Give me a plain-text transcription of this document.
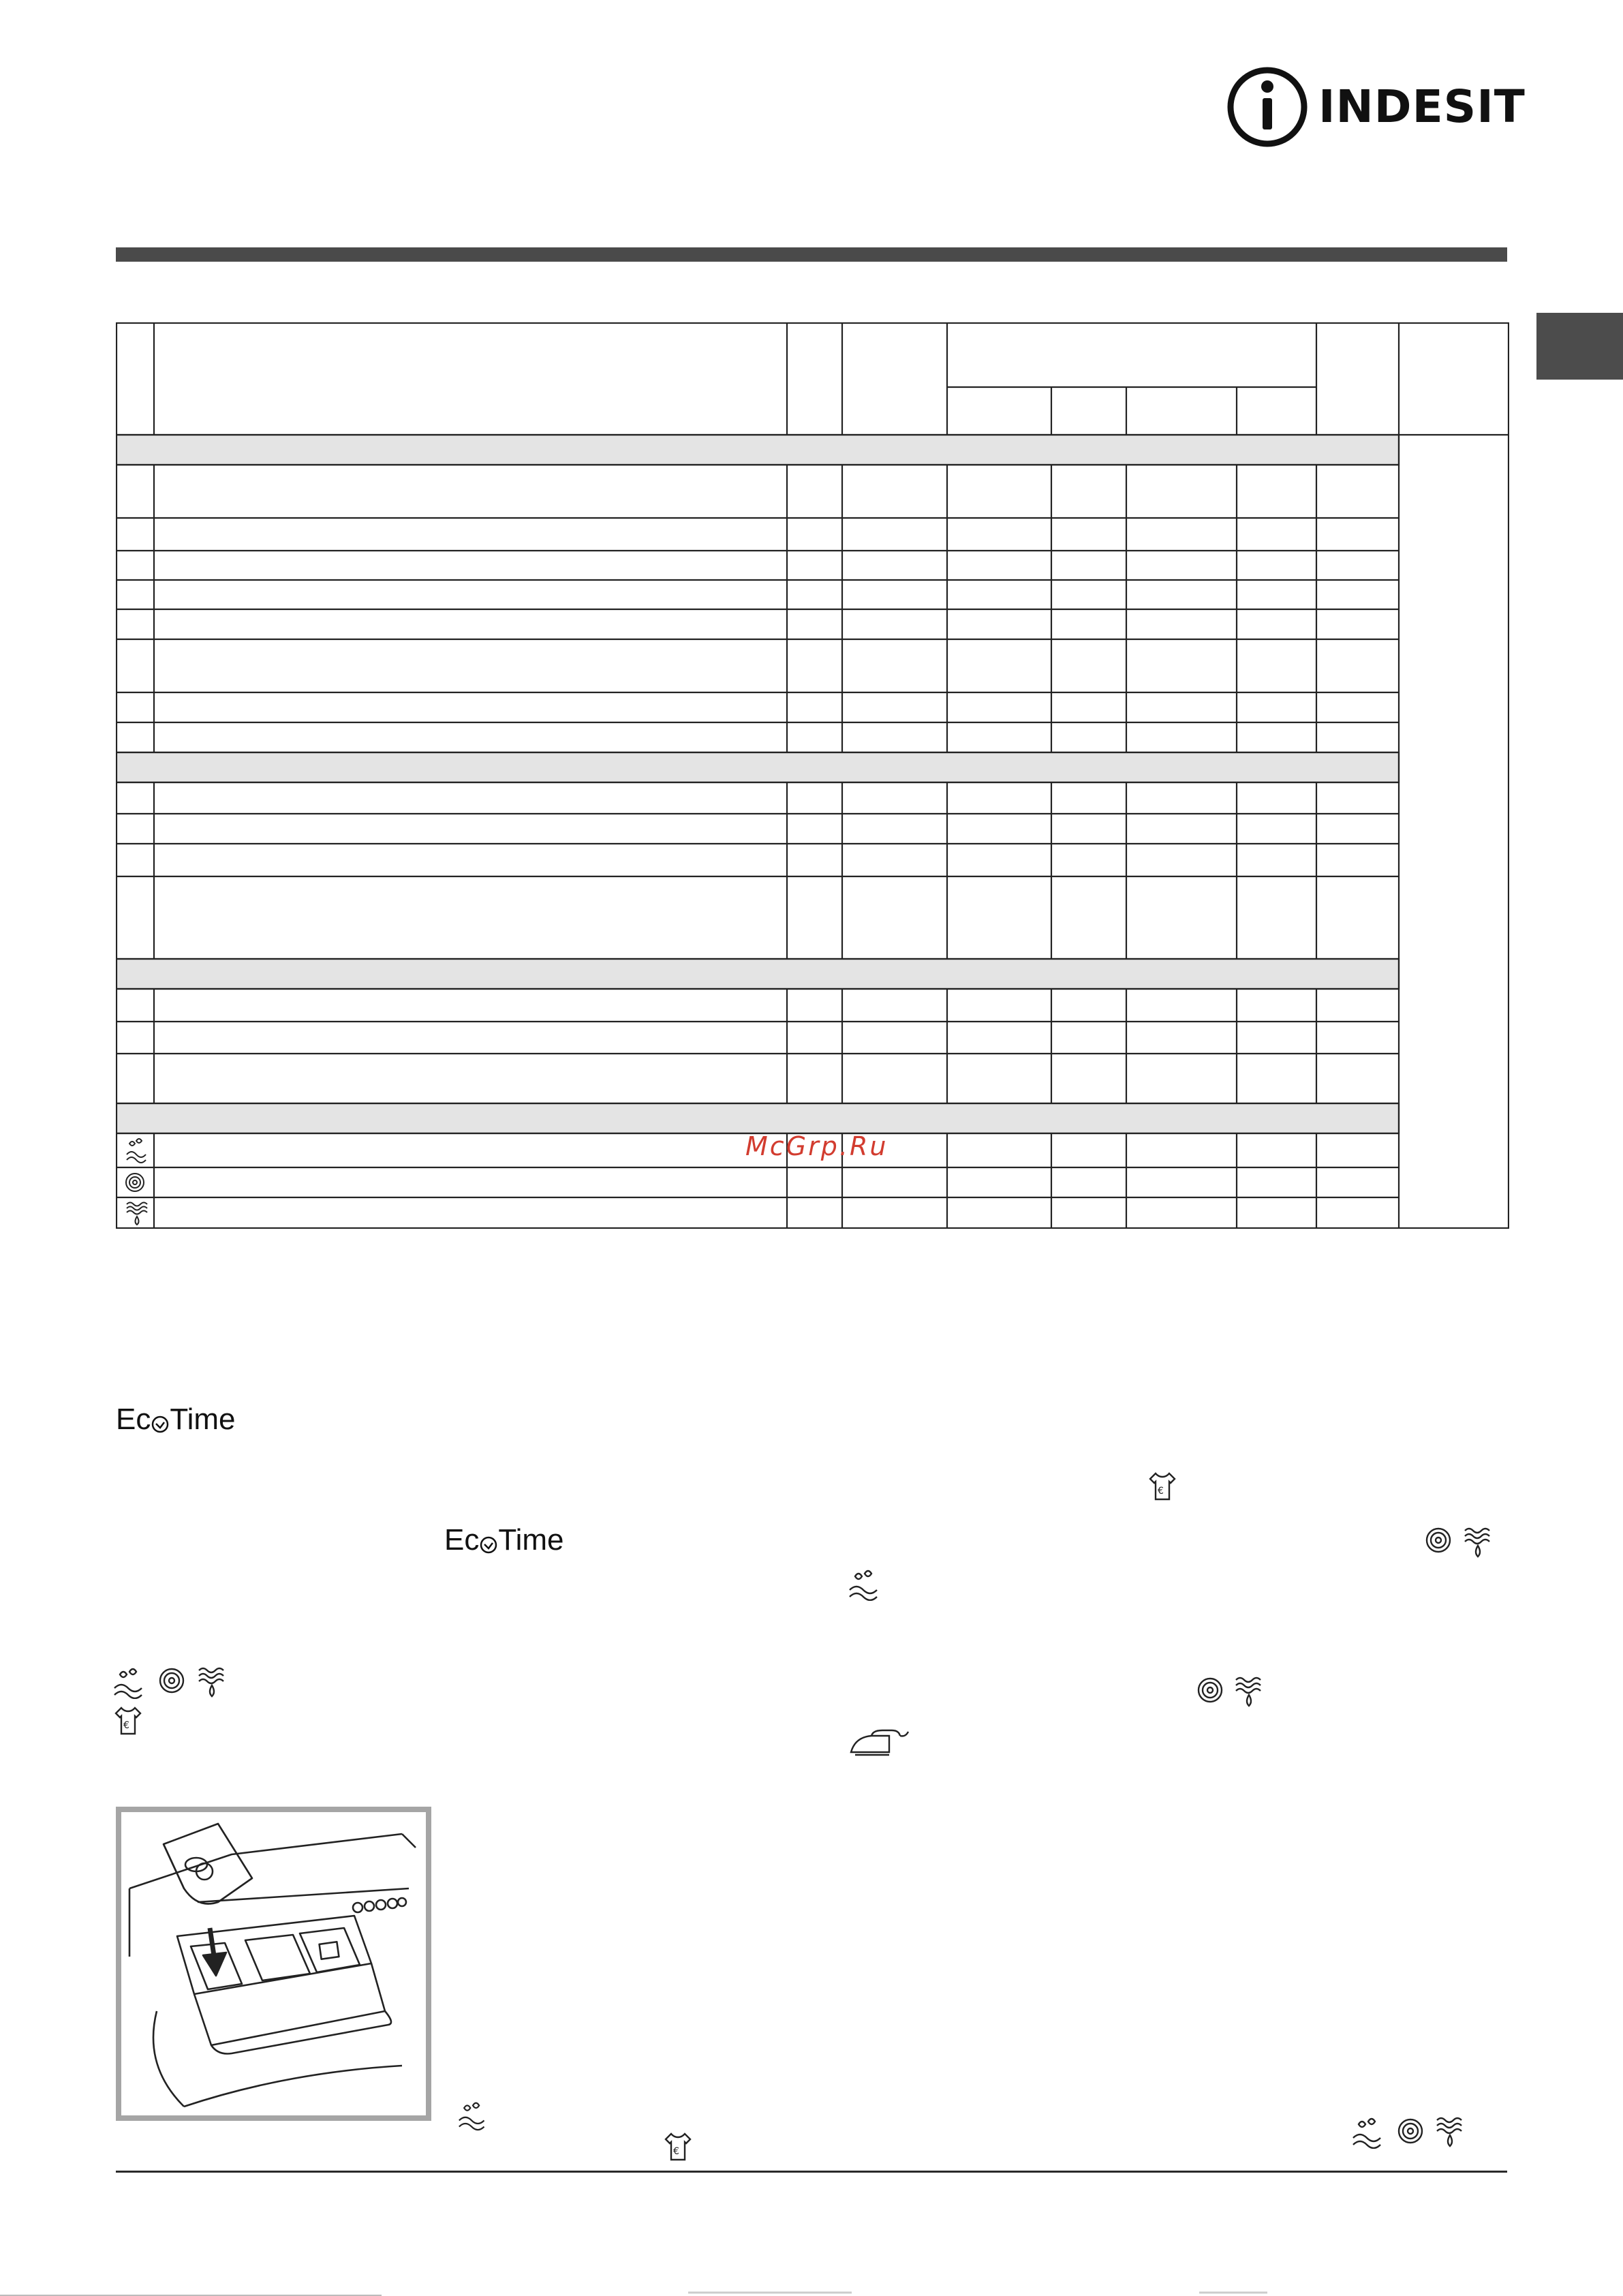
INDESIT
McGrp.Ru
Ec Time
Ec Time
€
€
€
